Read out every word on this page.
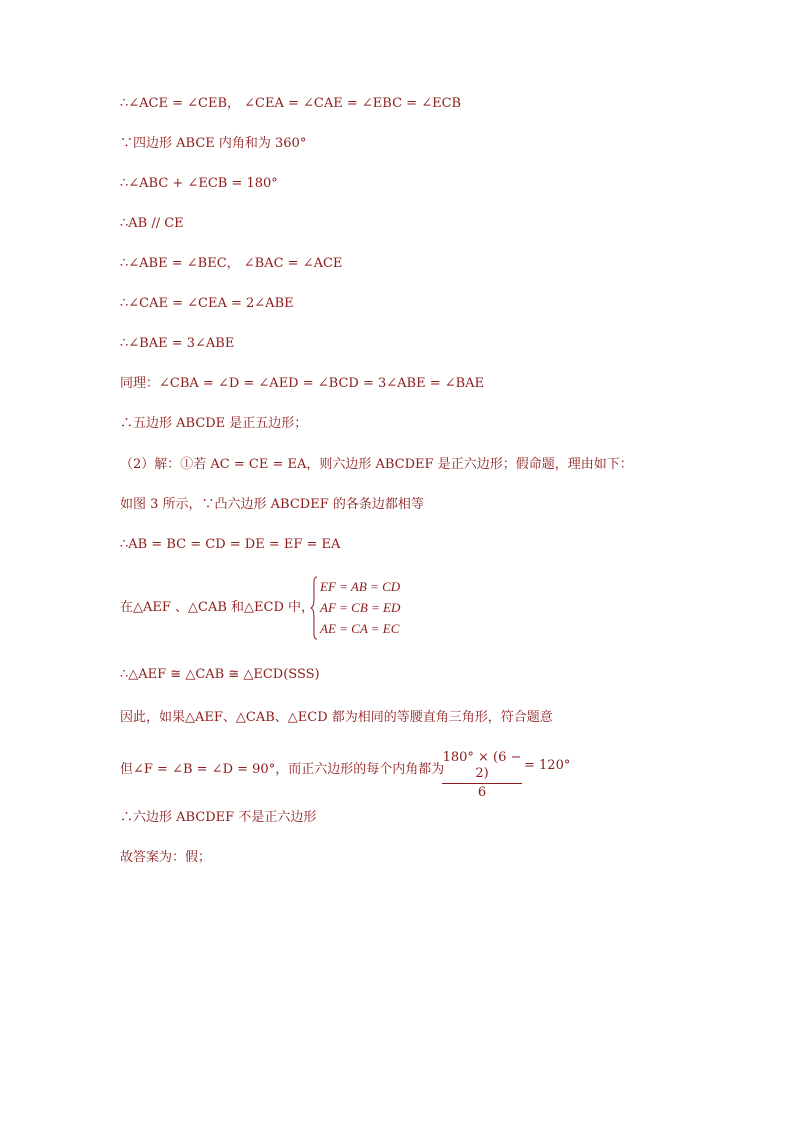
∴∠ACE = ∠CEB， ∠CEA = ∠CAE = ∠EBC = ∠ECB

∵四边形 ABCE 内角和为 360°

∴∠ABC + ∠ECB = 180°

∴AB // CE

∴∠ABE = ∠BEC， ∠BAC = ∠ACE

∴∠CAE = ∠CEA = 2∠ABE

∴∠BAE = 3∠ABE

同理：∠CBA = ∠D = ∠AED = ∠BCD = 3∠ABE = ∠BAE

∴五边形 ABCDE 是正五边形；

（2）解：①若 AC = CE = EA，则六边形 ABCDEF 是正六边形；假命题，理由如下：

如图 3 所示，∵凸六边形 ABCDEF 的各条边都相等

∴AB = BC = CD = DE = EF = EA

在△AEF 、△CAB 和△ECD 中，
EF = AB = CD
AF = CB = ED
AE = CA = EC

∴△AEF ≅ △CAB ≅ △ECD(SSS)

因此，如果△AEF、△CAB、△ECD 都为相同的等腰直角三角形，符合题意

但∠F = ∠B = ∠D = 90°，而正六边形的每个内角都为
180° × (6 − 2)
6
= 120°

∴六边形 ABCDEF 不是正六边形

故答案为：假；
